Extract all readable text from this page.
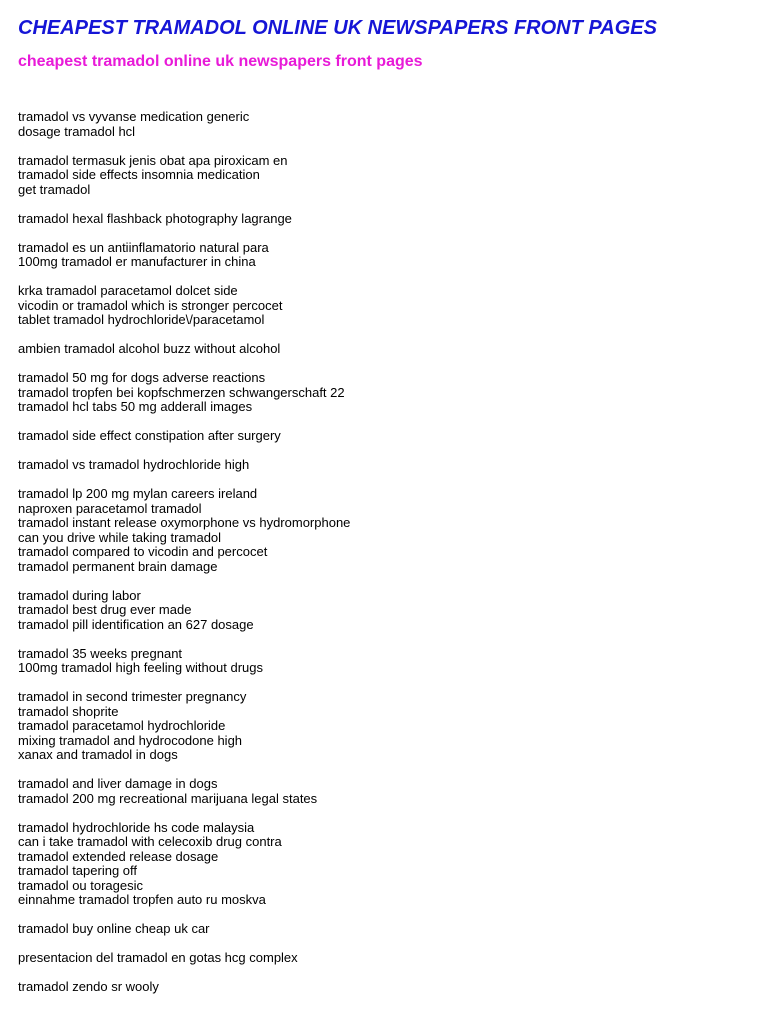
CHEAPEST TRAMADOL ONLINE UK NEWSPAPERS FRONT PAGES
cheapest tramadol online uk newspapers front pages

tramadol vs vyvanse medication generic
dosage tramadol hcl

tramadol termasuk jenis obat apa piroxicam en
tramadol side effects insomnia medication
get tramadol

tramadol hexal flashback photography lagrange

tramadol es un antiinflamatorio natural para
100mg tramadol er manufacturer in china

krka tramadol paracetamol dolcet side
vicodin or tramadol which is stronger percocet
tablet tramadol hydrochloride\/paracetamol

ambien tramadol alcohol buzz without alcohol

tramadol 50 mg for dogs adverse reactions
tramadol tropfen bei kopfschmerzen schwangerschaft 22
tramadol hcl tabs 50 mg adderall images

tramadol side effect constipation after surgery

tramadol vs tramadol hydrochloride high

tramadol lp 200 mg mylan careers ireland
naproxen paracetamol tramadol
tramadol instant release oxymorphone vs hydromorphone
can you drive while taking tramadol
tramadol compared to vicodin and percocet
tramadol permanent brain damage

tramadol during labor
tramadol best drug ever made
tramadol pill identification an 627 dosage

tramadol 35 weeks pregnant
100mg tramadol high feeling without drugs

tramadol in second trimester pregnancy
tramadol shoprite
tramadol paracetamol hydrochloride
mixing tramadol and hydrocodone high
xanax and tramadol in dogs

tramadol and liver damage in dogs
tramadol 200 mg recreational marijuana legal states

tramadol hydrochloride hs code malaysia
can i take tramadol with celecoxib drug contra
tramadol extended release dosage
tramadol tapering off
tramadol ou toragesic
einnahme tramadol tropfen auto ru moskva

tramadol buy online cheap uk car

presentacion del tramadol en gotas hcg complex

tramadol zendo sr wooly
